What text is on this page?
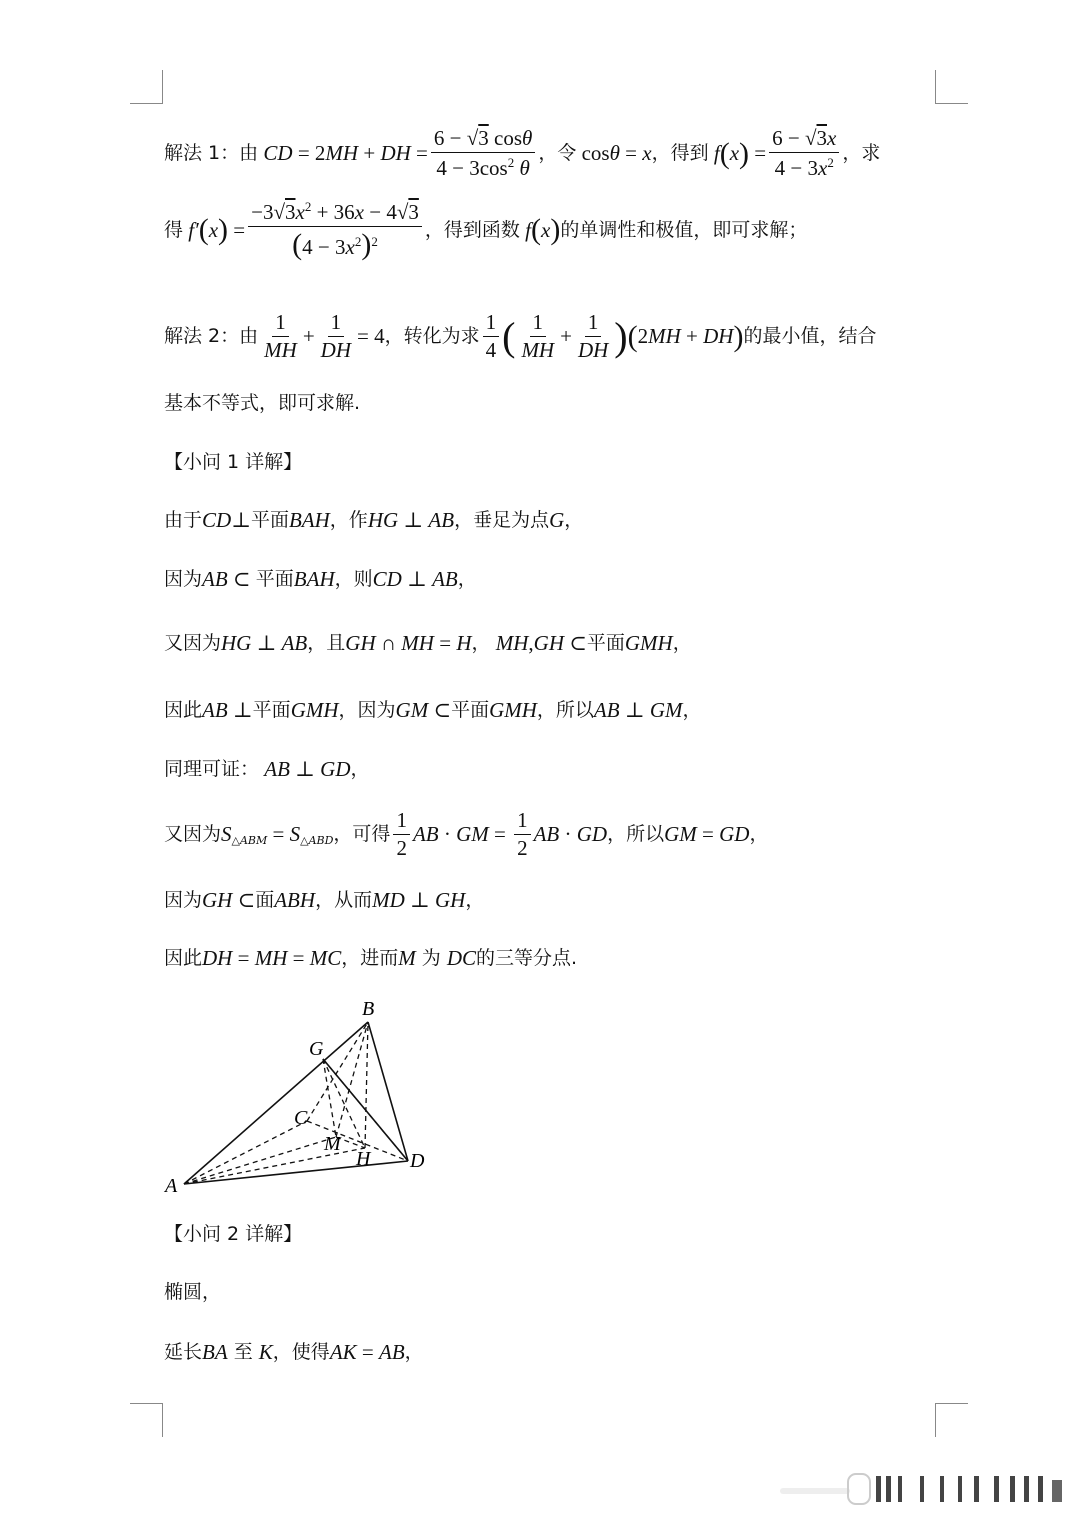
解法 1：由 CD = 2 MH + DH = $\frac{6 - √3 \cos\theta}{4 - 3\cos^2 \theta}$ ，令 cos θ = x ，得到 f ( x ) = $\frac{6 - √3x}{4 - 3x^2}$ ，求
得 f′ ( x ) = $\frac{-3√3x^2 + 36x - 4√3}{(4 - 3x^2)^2}$ ，得到函数 f ( x ) 的单调性和极值，即可求解；
解法 2：由 $\frac{1}{MH} + \frac{1}{DH} = 4$ ，转化为求 $\frac{1}{4}$ ( $\frac{1}{MH} + \frac{1}{DH}$ ) ( 2 MH + DH ) 的最小值，结合
基本不等式，即可求解.
【小问 1 详解】
由于 CD ⊥ 平面 BAH ，作 HG ⊥ AB ，垂足为点 G ，
因为 AB ⊂ 平面 BAH ，则 CD ⊥ AB ，
又因为 HG ⊥ AB ，且 GH ∩ MH = H ， MH , GH ⊂ 平面 GMH ，
因此 AB ⊥ 平面 GMH ，因为 GM ⊂ 平面 GMH ，所以 AB ⊥ GM ，
同理可证： AB ⊥ GD ，
又因为 S △ABM = S △ABD ，可得 $\frac{1}{2}$ AB · GM = $\frac{1}{2}$ AB · GD ，所以 GM = GD ，
因为 GH ⊂ 面 ABH ，从而 MD ⊥ GH ，
因此 DH = MH = MC ，进而 M
为
DC 的三等分点.
A
B
C
D
G
H
M
【小问 2 详解】
椭圆，
延长 BA
至
K ，使得 AK = AB ，
